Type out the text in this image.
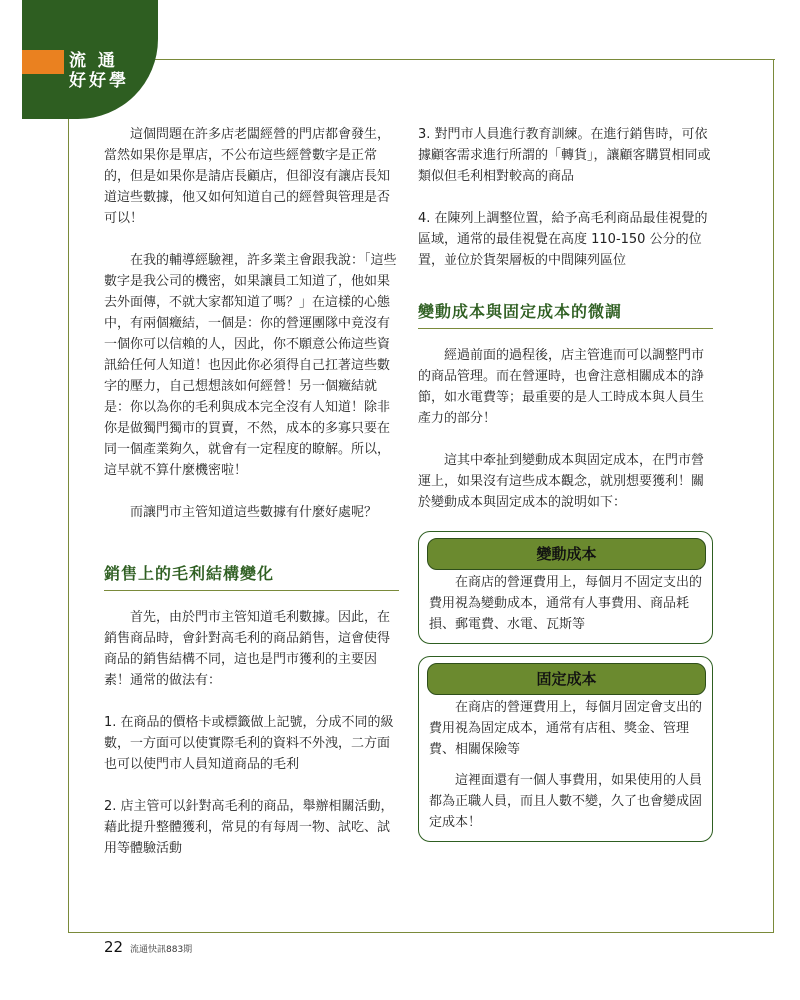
流 通
好好學

這個問題在許多店老闆經營的門店都會發生，當然如果你是單店，不公布這些經營數字是正常的，但是如果你是請店長顧店，但卻沒有讓店長知道這些數據，他又如何知道自己的經營與管理是否可以！

在我的輔導經驗裡，許多業主會跟我說：「這些數字是我公司的機密，如果讓員工知道了，他如果去外面傳，不就大家都知道了嗎？」在這樣的心態中，有兩個癥結，一個是：你的營運團隊中竟沒有一個你可以信賴的人，因此，你不願意公佈這些資訊給任何人知道！也因此你必須得自己扛著這些數字的壓力，自己想想該如何經營！另一個癥結就是：你以為你的毛利與成本完全沒有人知道！除非你是做獨門獨市的買賣，不然，成本的多寡只要在同一個產業夠久，就會有一定程度的瞭解。所以，這早就不算什麼機密啦！

而讓門市主管知道這些數據有什麼好處呢？

銷售上的毛利結構變化

首先，由於門市主管知道毛利數據。因此，在銷售商品時，會針對高毛利的商品銷售，這會使得商品的銷售結構不同，這也是門市獲利的主要因素！通常的做法有：

1. 在商品的價格卡或標籤做上記號，分成不同的級數，一方面可以使實際毛利的資料不外洩，二方面也可以使門市人員知道商品的毛利

2. 店主管可以針對高毛利的商品，舉辦相關活動，藉此提升整體獲利，常見的有每周一物、試吃、試用等體驗活動

3. 對門市人員進行教育訓練。在進行銷售時，可依據顧客需求進行所謂的「轉貨」，讓顧客購買相同或類似但毛利相對較高的商品

4. 在陳列上調整位置，給予高毛利商品最佳視覺的區域，通常的最佳視覺在高度 110-150 公分的位置，並位於貨架層板的中間陳列區位

變動成本與固定成本的微調

經過前面的過程後，店主管進而可以調整門市的商品管理。而在營運時，也會注意相關成本的諍節，如水電費等；最重要的是人工時成本與人員生產力的部分！

這其中牽扯到變動成本與固定成本，在門市營運上，如果沒有這些成本觀念，就別想要獲利！關於變動成本與固定成本的說明如下：

變動成本

在商店的營運費用上，每個月不固定支出的費用視為變動成本，通常有人事費用、商品耗損、郵電費、水電、瓦斯等

固定成本

在商店的營運費用上，每個月固定會支出的費用視為固定成本，通常有店租、獎金、管理費、相關保險等

這裡面還有一個人事費用，如果使用的人員都為正職人員，而且人數不變，久了也會變成固定成本！

22 流通快訊883期
